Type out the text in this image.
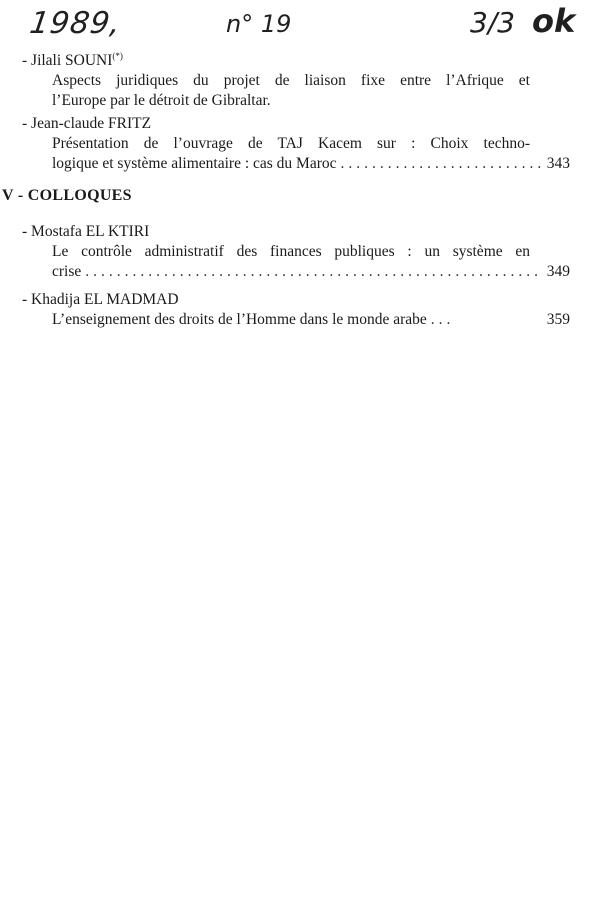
1989,	n° 19	3/3 ok
- Jilali SOUNI(*)
Aspects juridiques du projet de liaison fixe entre l’Afrique et
l’Europe par le détroit de Gibraltar.
- Jean-claude FRITZ
Présentation de l’ouvrage de TAJ Kacem sur : Choix techno-
logique et système alimentaire : cas du Maroc .....	343
V - COLLOQUES
- Mostafa EL KTIRI
Le contrôle administratif des finances publiques : un système en
crise .....	349
- Khadija EL MADMAD
L’enseignement des droits de l’Homme dans le monde arabe .....	359
